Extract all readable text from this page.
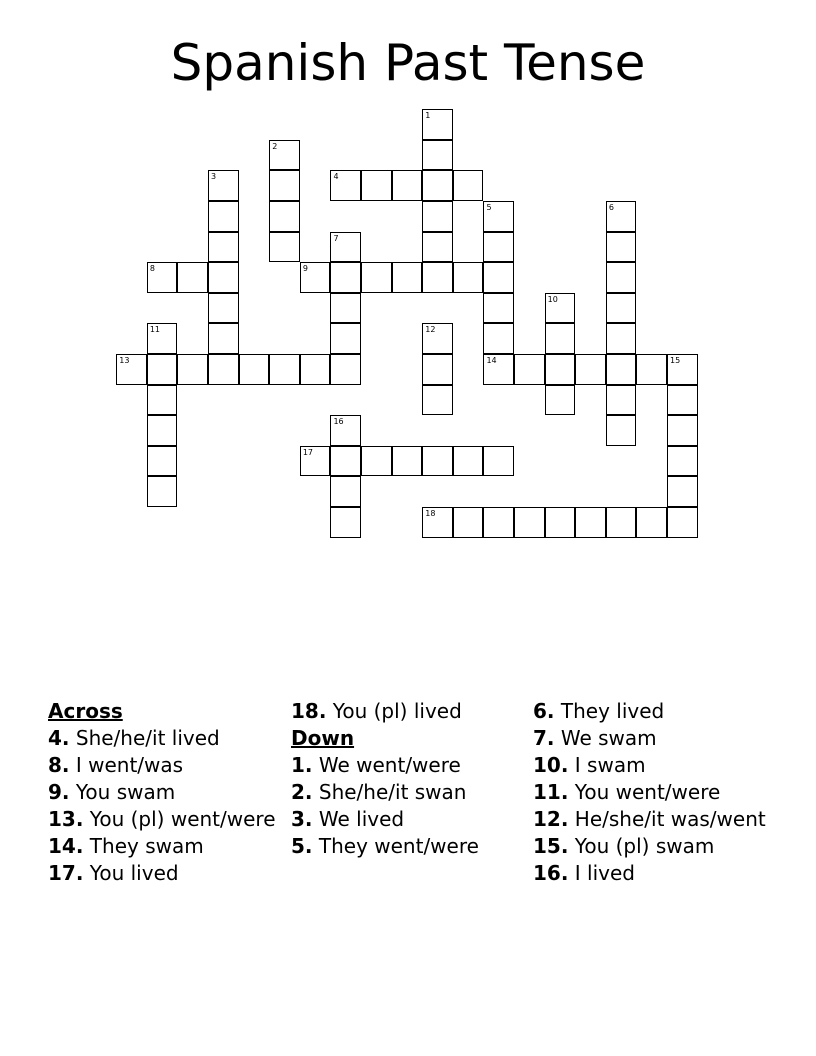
Spanish Past Tense
1
2
3	4
5
14
6
7
8	9
10
11	12
13	15
16
17
18
Across
4. She/he/it lived
8. I went/was
9. You swam
13. You (pl) went/were
14. They swam
17. You lived
18. You (pl) lived
Down
1. We went/were
2. She/he/it swan
3. We lived
5. They went/were
6. They lived
7. We swam
10. I swam
11. You went/were
12. He/she/it was/went
15. You (pl) swam
16. I lived
